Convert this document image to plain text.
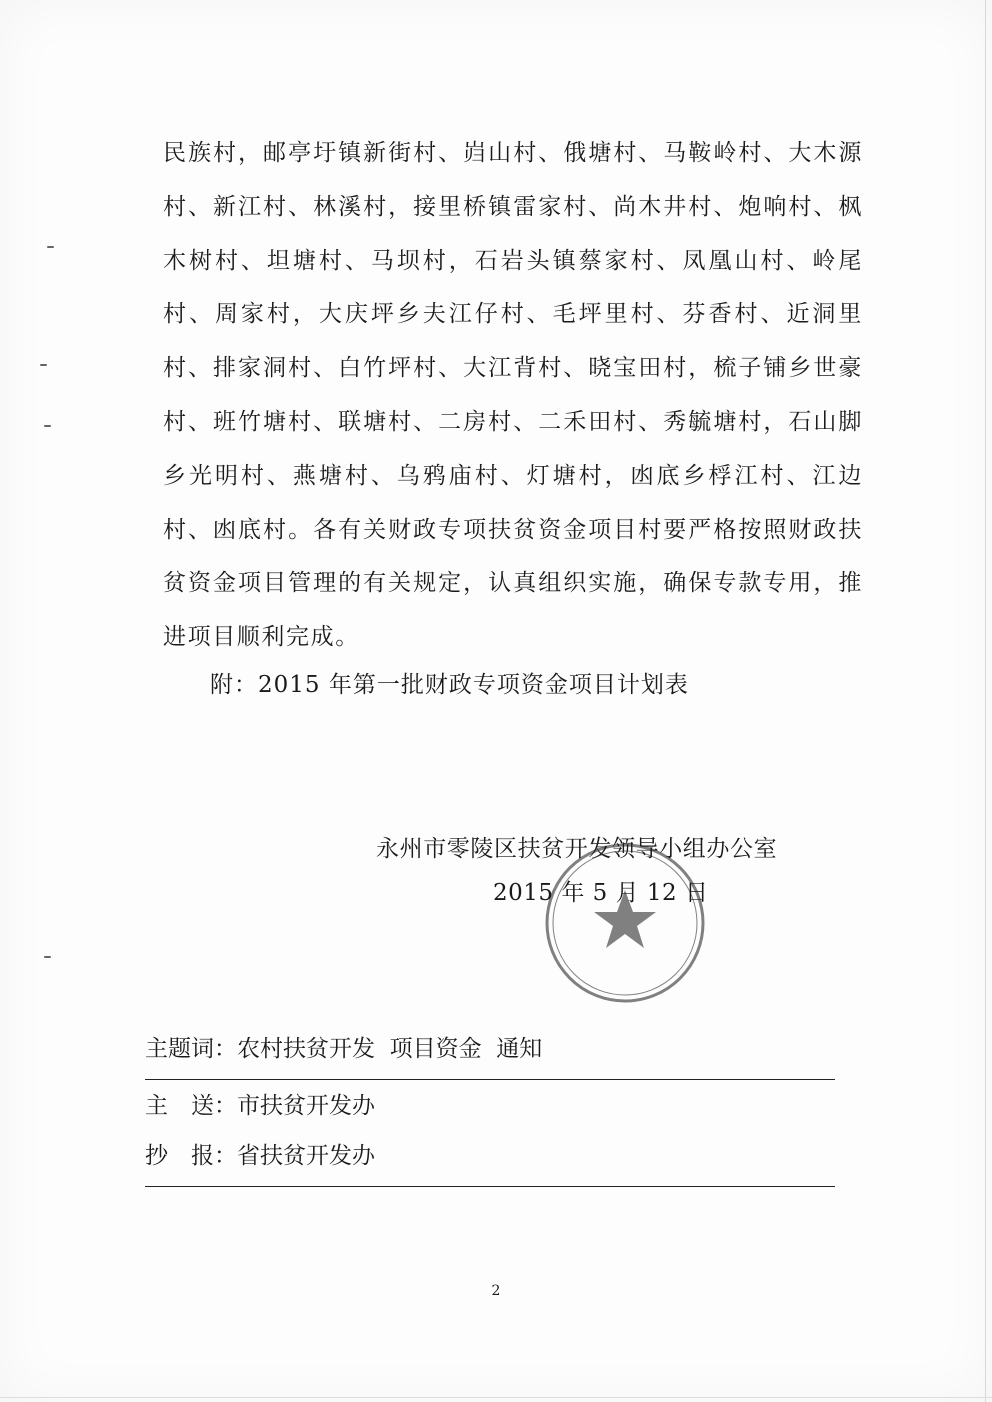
民族村，邮亭圩镇新街村、岿山村、俄塘村、马鞍岭村、大木源村、新江村、林溪村，接里桥镇雷家村、尚木井村、炮响村、枫木树村、坦塘村、马坝村，石岩头镇蔡家村、凤凰山村、岭尾村、周家村，大庆坪乡夫江仔村、毛坪里村、芬香村、近洞里村、排家洞村、白竹坪村、大江背村、晓宝田村，梳子铺乡世豪村、班竹塘村、联塘村、二房村、二禾田村、秀毓塘村，石山脚乡光明村、燕塘村、乌鸦庙村、灯塘村，凼底乡桴江村、江边村、凼底村。各有关财政专项扶贫资金项目村要严格按照财政扶贫资金项目管理的有关规定，认真组织实施，确保专款专用，推进项目顺利完成。

附：2015 年第一批财政专项资金项目计划表

永州市零陵区扶贫开发领导小组办公室
2015 年 5 月 12 日
主题词：农村扶贫开发  项目资金  通知
主　送：市扶贫开发办
抄　报：省扶贫开发办
2
